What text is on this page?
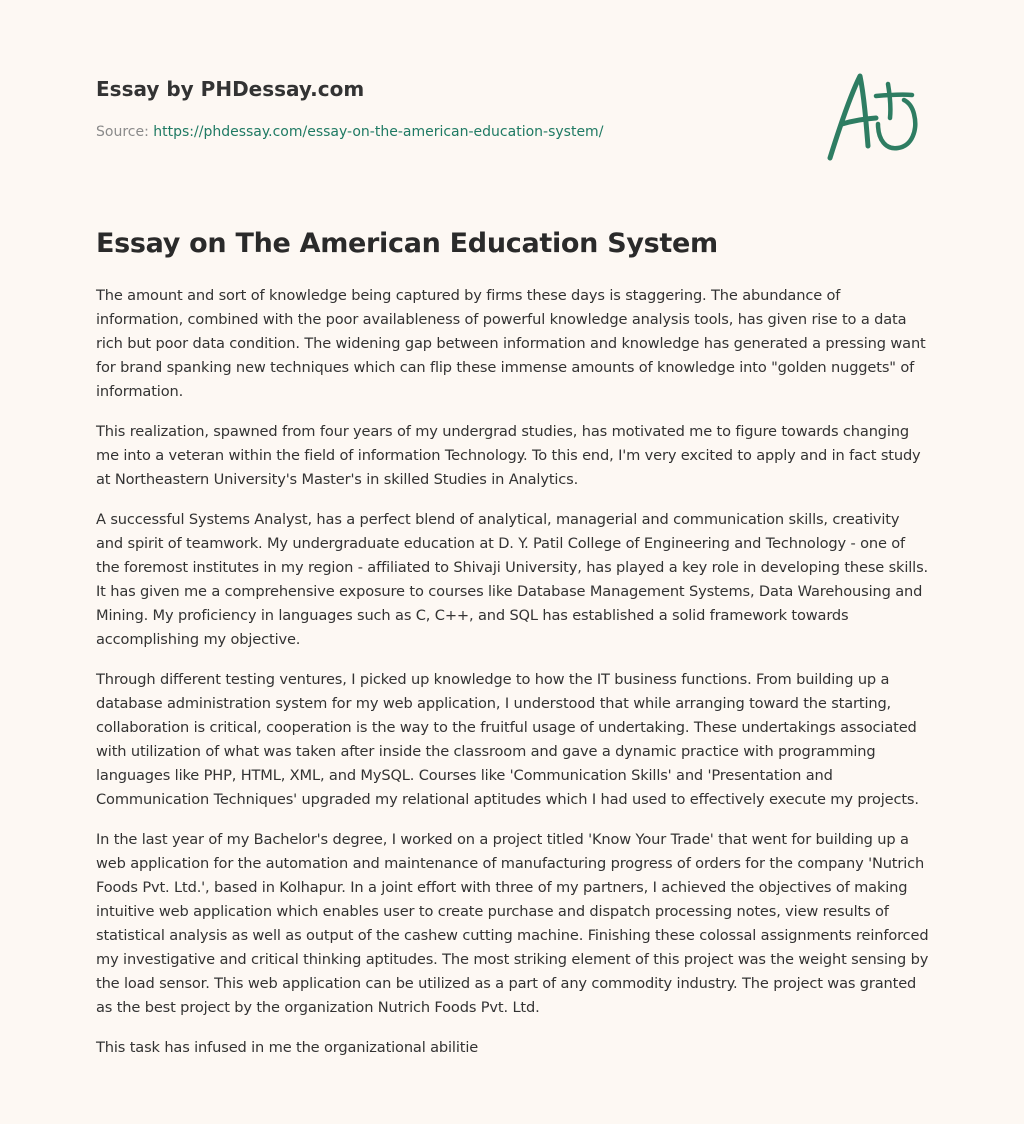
Essay by PHDessay.com
Source: https://phdessay.com/essay-on-the-american-education-system/
Essay on The American Education System

The amount and sort of knowledge being captured by firms these days is staggering. The abundance of information, combined with the poor availableness of powerful knowledge analysis tools, has given rise to a data rich but poor data condition. The widening gap between information and knowledge has generated a pressing want for brand spanking new techniques which can flip these immense amounts of knowledge into "golden nuggets" of information.

This realization, spawned from four years of my undergrad studies, has motivated me to figure towards changing me into a veteran within the field of information Technology. To this end, I'm very excited to apply and in fact study at Northeastern University's Master's in skilled Studies in Analytics.

A successful Systems Analyst, has a perfect blend of analytical, managerial and communication skills, creativity and spirit of teamwork. My undergraduate education at D. Y. Patil College of Engineering and Technology - one of the foremost institutes in my region - affiliated to Shivaji University, has played a key role in developing these skills. It has given me a comprehensive exposure to courses like Database Management Systems, Data Warehousing and Mining. My proficiency in languages such as C, C++, and SQL has established a solid framework towards accomplishing my objective.

Through different testing ventures, I picked up knowledge to how the IT business functions. From building up a database administration system for my web application, I understood that while arranging toward the starting, collaboration is critical, cooperation is the way to the fruitful usage of undertaking. These undertakings associated with utilization of what was taken after inside the classroom and gave a dynamic practice with programming languages like PHP, HTML, XML, and MySQL. Courses like 'Communication Skills' and 'Presentation and Communication Techniques' upgraded my relational aptitudes which I had used to effectively execute my projects.

In the last year of my Bachelor's degree, I worked on a project titled 'Know Your Trade' that went for building up a web application for the automation and maintenance of manufacturing progress of orders for the company 'Nutrich Foods Pvt. Ltd.', based in Kolhapur. In a joint effort with three of my partners, I achieved the objectives of making intuitive web application which enables user to create purchase and dispatch processing notes, view results of statistical analysis as well as output of the cashew cutting machine. Finishing these colossal assignments reinforced my investigative and critical thinking aptitudes. The most striking element of this project was the weight sensing by the load sensor. This web application can be utilized as a part of any commodity industry. The project was granted as the best project by the organization Nutrich Foods Pvt. Ltd.

This task has infused in me the organizational abilitie
